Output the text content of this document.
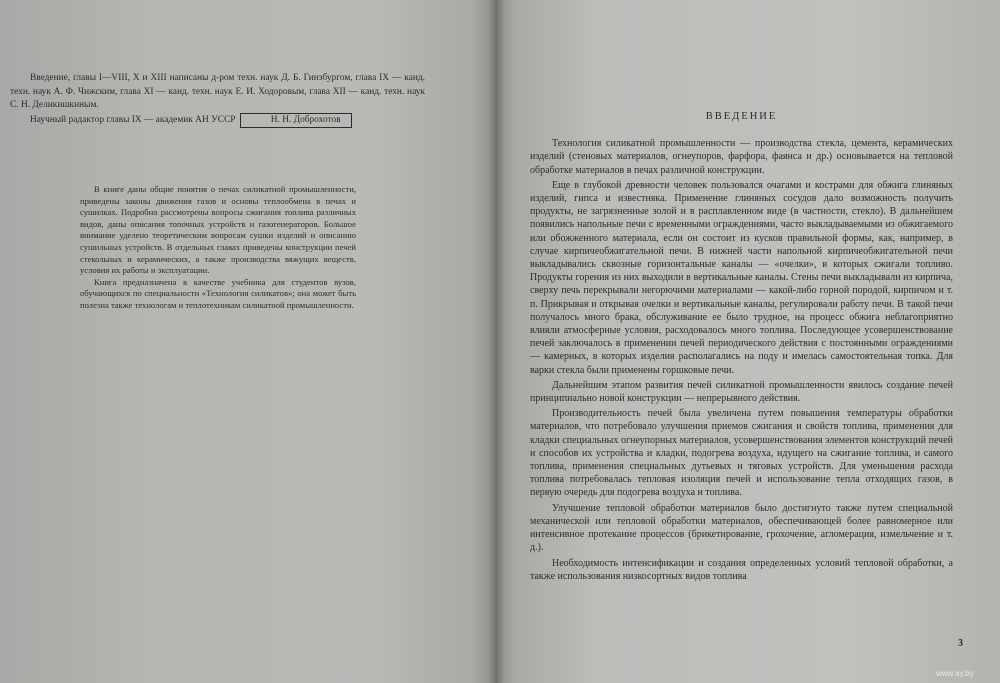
Введение, главы I—VIII, X и XIII написаны д-ром техн. наук Д. Б. Гинзбургом, глава IX — канд. техн. наук А. Ф. Чижским, глава XI — канд. техн. наук Е. И. Ходоровым, глава XII — канд. техн. наук С. Н. Деликишкиным.

Научный радактор главы IX — академик АН УССР	Н. Н. Доброхотов

В книге даны общие понятия о печах силикатной промышленности, приведены законы движения газов и основы теплообмена в печах и сушилках. Подробно рассмотрены вопросы сжигания топлива различных видов, даны описания топочных устройств и газогенераторов. Большое внимание уделено теоретическим вопросам сушки изделий и описанию сушильных устройств. В отдельных главах приведены конструкции печей стекольных и керамических, а также производства вяжущих веществ, условия их работы и эксплуатации.

Книга предназначена в качестве учебника для студентов вузов, обучающихся по специальности «Технология силикатов»; она может быть полезна также технологам и теплотехникам силикатной промышленности.

ВВЕДЕНИЕ

Технология силикатной промышленности — производства стекла, цемента, керамических изделий (стеновых материалов, огнеупоров, фарфора, фаянса и др.) основывается на тепловой обработке материалов в печах различной конструкции.

Еще в глубокой древности человек пользовался очагами и кострами для обжига глиняных изделий, гипса и известняка. Применение глиняных сосудов дало возможность получить продукты, не загрязненные золой и в расплавленном виде (в частности, стекло). В дальнейшем появились напольные печи с временными ограждениями, часто выкладываемыми из обжигаемого или обожженного материала, если он состоит из кусков правильной формы, как, например, в случае кирпичеобжигательной печи. В нижней части напольной кирпичеобжигательной печи выкладывались сквозные горизонтальные каналы — «очелки», в которых сжигали топливо. Продукты горения из них выходили в вертикальные каналы. Стены печи выкладывали из кирпича, сверху печь перекрывали негорючими материалами — какой-либо горной породой, кирпичом и т. п. Прикрывая и открывая очелки и вертикальные каналы, регулировали работу печи. В такой печи получалось много брака, обслуживание ее было трудное, на процесс обжига неблагоприятно влияли атмосферные условия, расходовалось много топлива. Последующее усовершенствование печей заключалось в применении печей периодического действия с постоянными ограждениями — камерных, в которых изделия располагались на поду и имелась самостоятельная топка. Для варки стекла были применены горшковые печи.

Дальнейшим этапом развития печей силикатной промышленности явилось создание печей принципиально новой конструкции — непрерывного действия.

Производительность печей была увеличена путем повышения температуры обработки материалов, что потребовало улучшения приемов сжигания и свойств топлива, применения для кладки специальных огнеупорных материалов, усовершенствования элементов конструкций печей и способов их устройства и кладки, подогрева воздуха, идущего на сжигание топлива, и самого топлива, применения специальных дутьевых и тяговых устройств. Для уменьшения расхода топлива потребовалась тепловая изоляция печей и использование тепла отходящих газов, в первую очередь для подогрева воздуха и топлива.

Улучшение тепловой обработки материалов было достигнуто также путем специальной механической или тепловой обработки материалов, обеспечивающей более равномерное или интенсивное протекание процессов (брикетирование, грохочение, агломерация, измельчение и т. д.).

Необходимость интенсификации и создания определенных условий тепловой обработки, а также использования низкосортных видов топлива

3
www.ay.by
